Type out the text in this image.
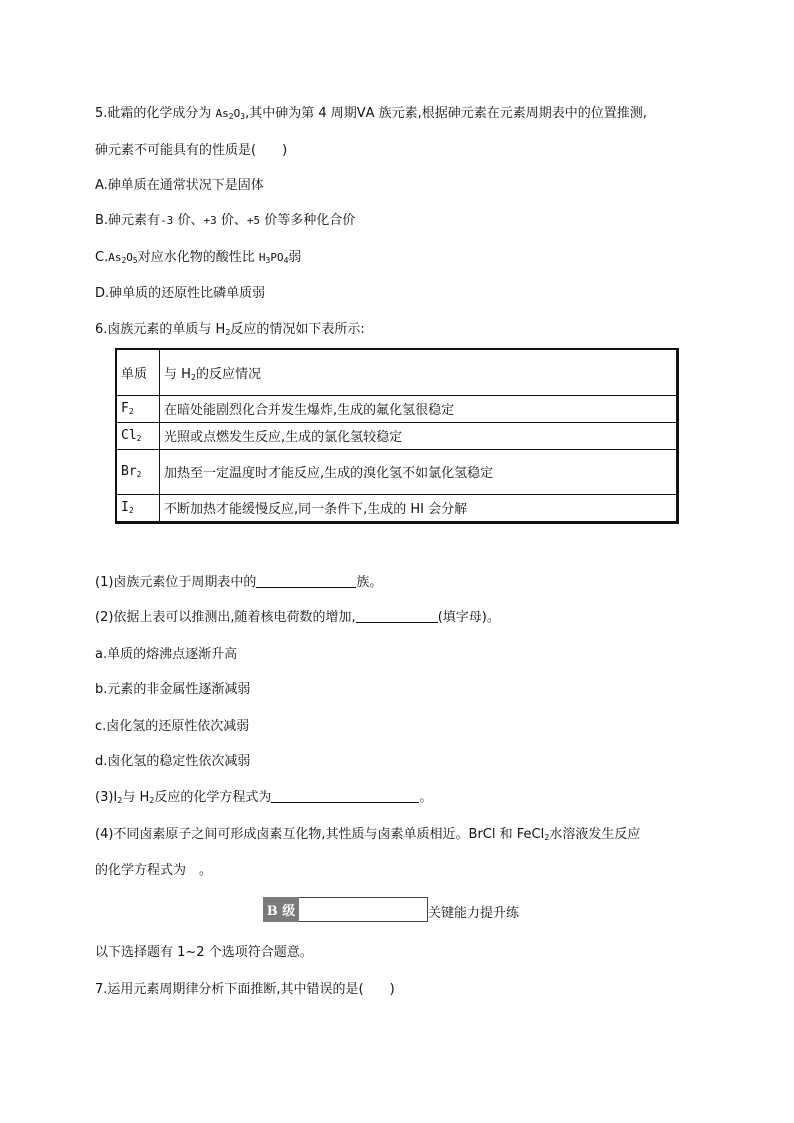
5.砒霜的化学成分为 $As_2O_3$,其中砷为第 4 周期ⅤA 族元素,根据砷元素在元素周期表中的位置推测,
砷元素不可能具有的性质是(　　)
A.砷单质在通常状况下是固体
B.砷元素有-3 价、+3 价、+5 价等多种化合价
$C.As_2O_5$对应水化物的酸性比 $H_3PO_4$弱
D.砷单质的还原性比磷单质弱
6.卤族元素的单质与 $H_2$反应的情况如下表所示:
单质	与 $H_2$的反应情况
$F_2$	在暗处能剧烈化合并发生爆炸,生成的氟化氢很稳定
$Cl_2$	光照或点燃发生反应,生成的氯化氢较稳定
$Br_2$	加热至一定温度时才能反应,生成的溴化氢不如氯化氢稳定
$I_2$	不断加热才能缓慢反应,同一条件下,生成的 HI 会分解
(1)卤族元素位于周期表中的	族。
(2)依据上表可以推测出,随着核电荷数的增加,	(填字母)。
a.单质的熔沸点逐渐升高
b.元素的非金属性逐渐减弱
c.卤化氢的还原性依次减弱
d.卤化氢的稳定性依次减弱
$(3)I_2$与 $H_2$反应的化学方程式为	。
(4)不同卤素原子之间可形成卤素互化物,其性质与卤素单质相近。BrCl 和 FeCl$_2$水溶液发生反应
的化学方程式为　。
B 级	关键能力提升练
以下选择题有 1~2 个选项符合题意。
7.运用元素周期律分析下面推断,其中错误的是(　　)
